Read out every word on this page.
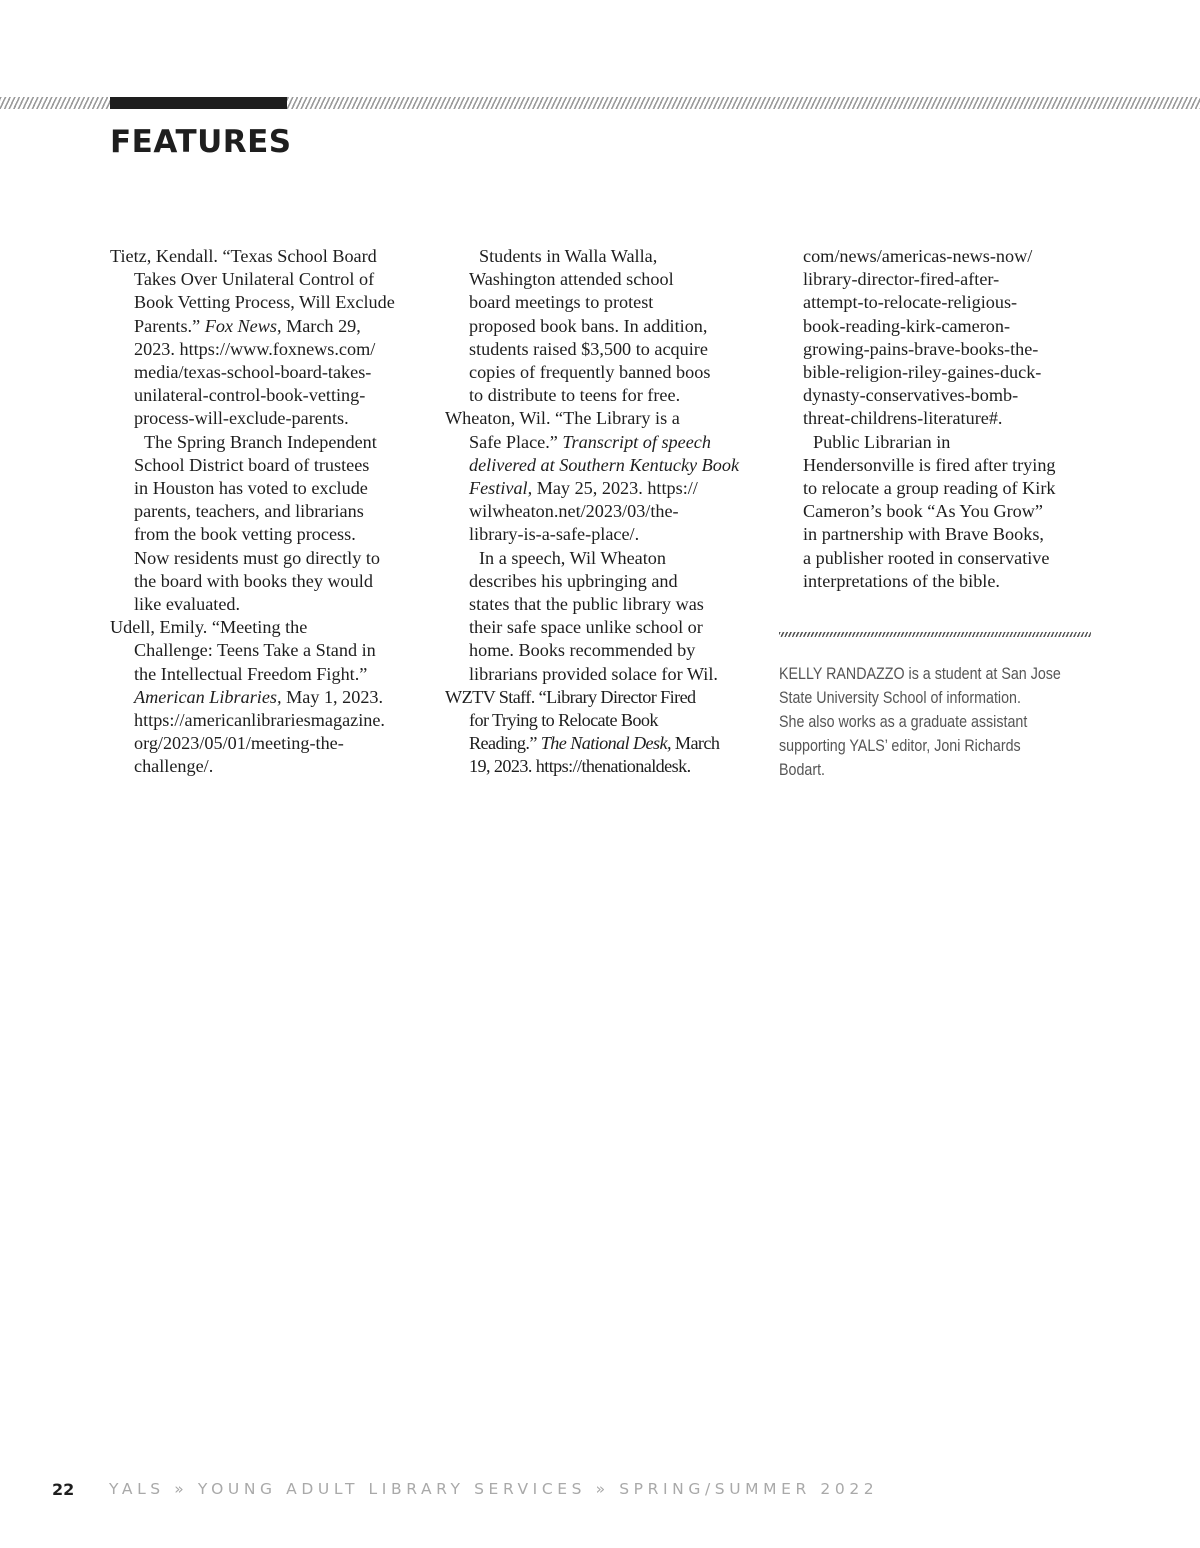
FEATURES
Tietz, Kendall. “Texas School Board
Takes Over Unilateral Control of
Book Vetting Process, Will Exclude
Parents.” Fox News, March 29,
2023. https://www.foxnews.com/
media/texas-school-board-takes-
unilateral-control-book-vetting-
process-will-exclude-parents.
The Spring Branch Independent
School District board of trustees
in Houston has voted to exclude
parents, teachers, and librarians
from the book vetting process.
Now residents must go directly to
the board with books they would
like evaluated.
Udell, Emily. “Meeting the
Challenge: Teens Take a Stand in
the Intellectual Freedom Fight.”
American Libraries, May 1, 2023.
https://americanlibrariesmagazine.
org/2023/05/01/meeting-the-
challenge/.
Students in Walla Walla,
Washington attended school
board meetings to protest
proposed book bans. In addition,
students raised $3,500 to acquire
copies of frequently banned boos
to distribute to teens for free.
Wheaton, Wil. “The Library is a
Safe Place.” Transcript of speech
delivered at Southern Kentucky Book
Festival, May 25, 2023. https://
wilwheaton.net/2023/03/the-
library-is-a-safe-place/.
In a speech, Wil Wheaton
describes his upbringing and
states that the public library was
their safe space unlike school or
home. Books recommended by
librarians provided solace for Wil.
WZTV Staff. “Library Director Fired
for Trying to Relocate Book
Reading.” The National Desk, March
19, 2023. https://thenationaldesk.
com/news/americas-news-now/
library-director-fired-after-
attempt-to-relocate-religious-
book-reading-kirk-cameron-
growing-pains-brave-books-the-
bible-religion-riley-gaines-duck-
dynasty-conservatives-bomb-
threat-childrens-literature#.
Public Librarian in
Hendersonville is fired after trying
to relocate a group reading of Kirk
Cameron’s book “As You Grow”
in partnership with Brave Books,
a publisher rooted in conservative
interpretations of the bible.
KELLY RANDAZZO is a student at San Jose
State University School of information.
She also works as a graduate assistant
supporting YALS’ editor, Joni Richards
Bodart.
22 YALS » YOUNG ADULT LIBRARY SERVICES » SPRING/SUMMER 2022
